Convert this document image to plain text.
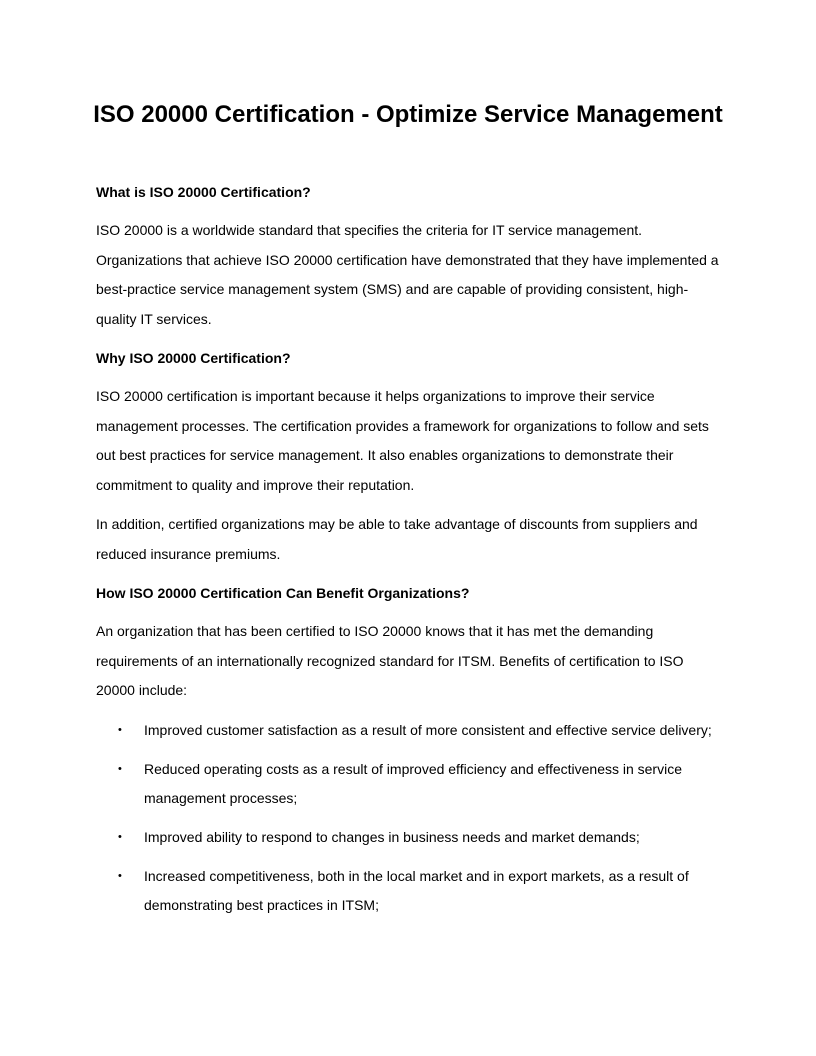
ISO 20000 Certification - Optimize Service Management

What is ISO 20000 Certification?

ISO 20000 is a worldwide standard that specifies the criteria for IT service management. Organizations that achieve ISO 20000 certification have demonstrated that they have implemented a best-practice service management system (SMS) and are capable of providing consistent, high-quality IT services.

Why ISO 20000 Certification?

ISO 20000 certification is important because it helps organizations to improve their service management processes. The certification provides a framework for organizations to follow and sets out best practices for service management. It also enables organizations to demonstrate their commitment to quality and improve their reputation.

In addition, certified organizations may be able to take advantage of discounts from suppliers and reduced insurance premiums.

How ISO 20000 Certification Can Benefit Organizations?

An organization that has been certified to ISO 20000 knows that it has met the demanding requirements of an internationally recognized standard for ITSM. Benefits of certification to ISO 20000 include:

• Improved customer satisfaction as a result of more consistent and effective service delivery;
• Reduced operating costs as a result of improved efficiency and effectiveness in service management processes;
• Improved ability to respond to changes in business needs and market demands;
• Increased competitiveness, both in the local market and in export markets, as a result of demonstrating best practices in ITSM;
